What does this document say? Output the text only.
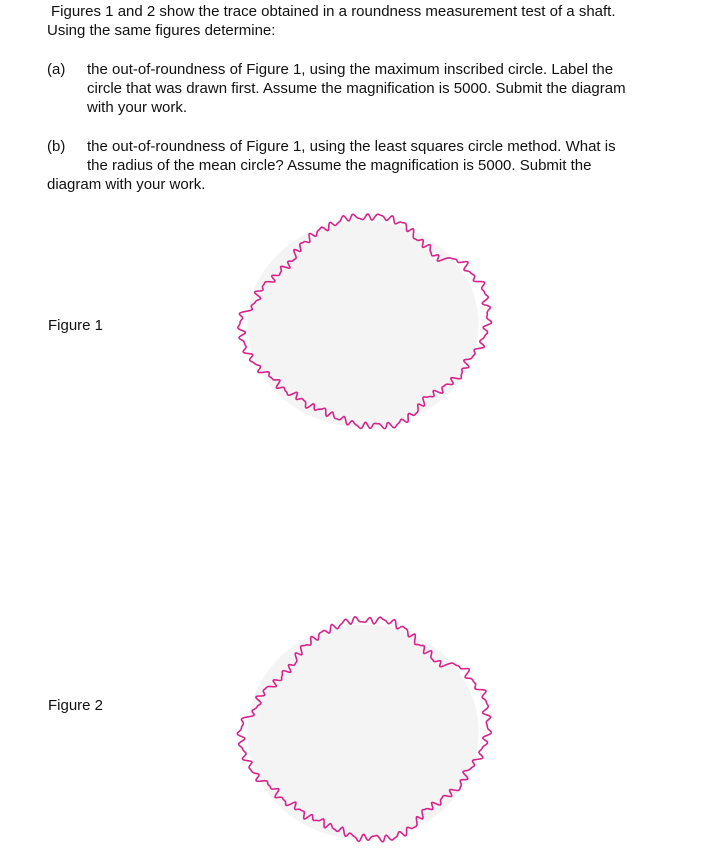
Figures 1 and 2 show the trace obtained in a roundness measurement test of a shaft.
Using the same figures determine:
(a)	the out-of-roundness of Figure 1, using the maximum inscribed circle. Label the
circle that was drawn first. Assume the magnification is 5000. Submit the diagram
with your work.
(b)	the out-of-roundness of Figure 1, using the least squares circle method. What is
the radius of the mean circle? Assume the magnification is 5000. Submit the
diagram with your work.
Figure 1
Figure 2
